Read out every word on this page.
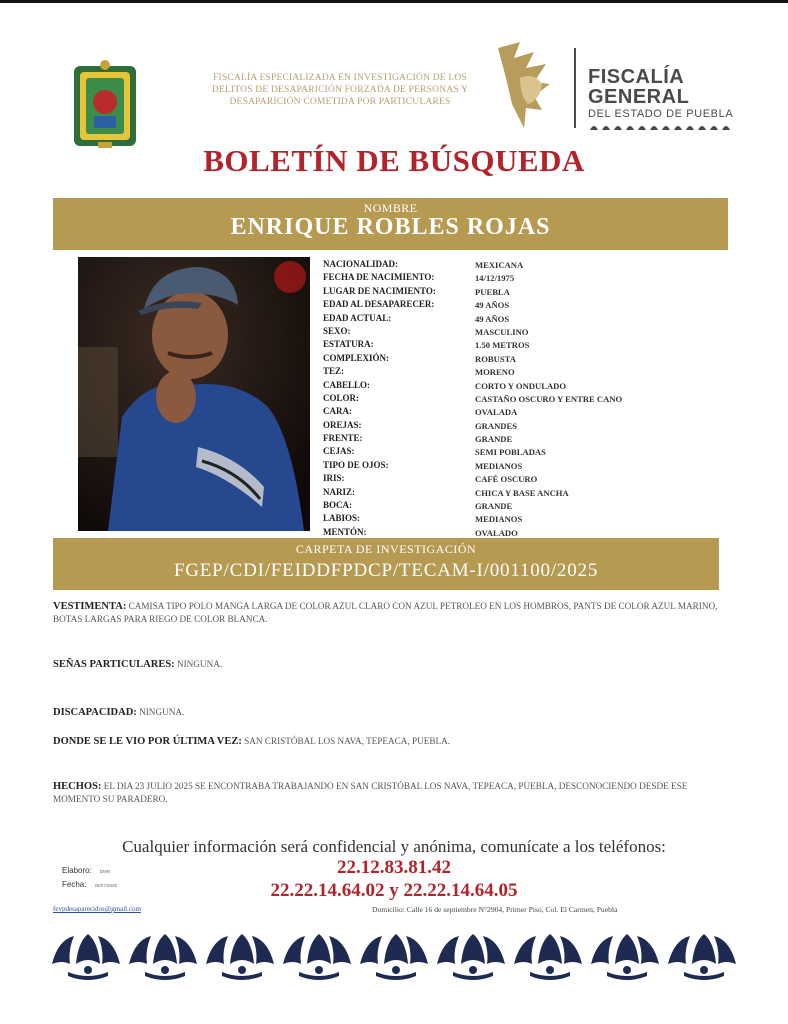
FISCALÍA ESPECIALIZADA EN INVESTIGACIÓN DE LOS DELITOS DE DESAPARICIÓN FORZADA DE PERSONAS Y DESAPARICIÓN COMETIDA POR PARTICULARES
FISCALÍA
GENERAL
DEL ESTADO DE PUEBLA
BOLETÍN DE BÚSQUEDA
NOMBRE
ENRIQUE ROBLES ROJAS
NACIONALIDAD:	MEXICANA
FECHA DE NACIMIENTO:	14/12/1975
LUGAR DE NACIMIENTO:	PUEBLA
EDAD AL DESAPARECER:	49 AÑOS
EDAD ACTUAL:	49 AÑOS
SEXO:	MASCULINO
ESTATURA:	1.50 METROS
COMPLEXIÓN:	ROBUSTA
TEZ:	MORENO
CABELLO:	CORTO Y ONDULADO
COLOR:	CASTAÑO OSCURO Y ENTRE CANO
CARA:	OVALADA
OREJAS:	GRANDES
FRENTE:	GRANDE
CEJAS:	SEMI POBLADAS
TIPO DE OJOS:	MEDIANOS
IRIS:	CAFÉ OSCURO
NARIZ:	CHICA Y BASE ANCHA
BOCA:	GRANDE
LABIOS:	MEDIANOS
MENTÓN:	OVALADO
CARPETA DE INVESTIGACIÓN
FGEP/CDI/FEIDDFPDCP/TECAM-I/001100/2025
VESTIMENTA: CAMISA TIPO POLO MANGA LARGA DE COLOR AZUL CLARO CON AZUL PETROLEO EN LOS HOMBROS, PANTS DE COLOR AZUL MARINO, BOTAS LARGAS PARA RIEGO DE COLOR BLANCA.
SEÑAS PARTICULARES: NINGUNA.
DISCAPACIDAD: NINGUNA.
DONDE SE LE VIO POR ÚLTIMA VEZ: SAN CRISTÓBAL LOS NAVA, TEPEACA, PUEBLA.
HECHOS: EL DIA 23 JULIO 2025 SE ENCONTRABA TRABAJANDO EN SAN CRISTÓBAL LOS NAVA, TEPEACA, PUEBLA, DESCONOCIENDO DESDE ESE MOMENTO SU PARADERO.
Cualquier información será confidencial y anónima, comunícate a los teléfonos:
22.12.83.81.42
22.22.14.64.02 y 22.22.14.64.05
Elaboro: DMN
Fecha: 25/07/2025
fevpdesaparecidos@gmail.com	Domicilio: Calle 16 de septiembre N°2904, Primer Piso, Col. El Carmen, Puebla
